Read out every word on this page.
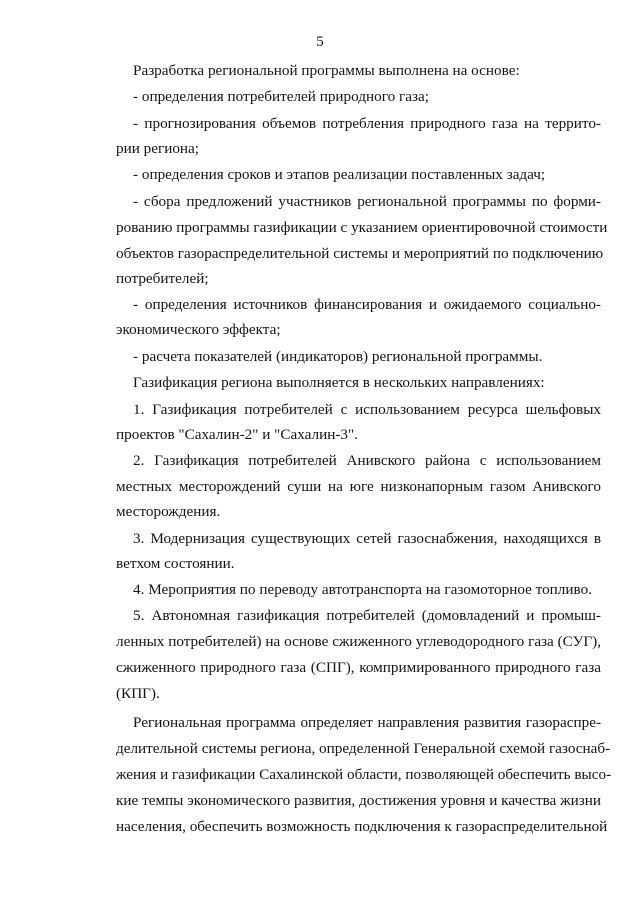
5
Разработка региональной программы выполнена на основе:
- определения потребителей природного газа;
- прогнозирования объемов потребления природного газа на террито-
рии региона;
- определения сроков и этапов реализации поставленных задач;
- сбора предложений участников региональной программы по форми-
рованию программы газификации с указанием ориентировочной стоимости
объектов газораспределительной системы и мероприятий по подключению
потребителей;
- определения источников финансирования и ожидаемого социально-
экономического эффекта;
- расчета показателей (индикаторов) региональной программы.
Газификация региона выполняется в нескольких направлениях:
1. Газификация потребителей с использованием ресурса шельфовых
проектов "Сахалин-2" и "Сахалин-3".
2. Газификация потребителей Анивского района с использованием
местных месторождений суши на юге низконапорным газом Анивского
месторождения.
3. Модернизация существующих сетей газоснабжения, находящихся в
ветхом состоянии.
4. Мероприятия по переводу автотранспорта на газомоторное топливо.
5. Автономная газификация потребителей (домовладений и промыш-
ленных потребителей) на основе сжиженного углеводородного газа (СУГ),
сжиженного природного газа (СПГ), компримированного природного газа
(КПГ).
Региональная программа определяет направления развития газораспре-
делительной системы региона, определенной Генеральной схемой газоснаб-
жения и газификации Сахалинской области, позволяющей обеспечить высо-
кие темпы экономического развития, достижения уровня и качества жизни
населения, обеспечить возможность подключения к газораспределительной
